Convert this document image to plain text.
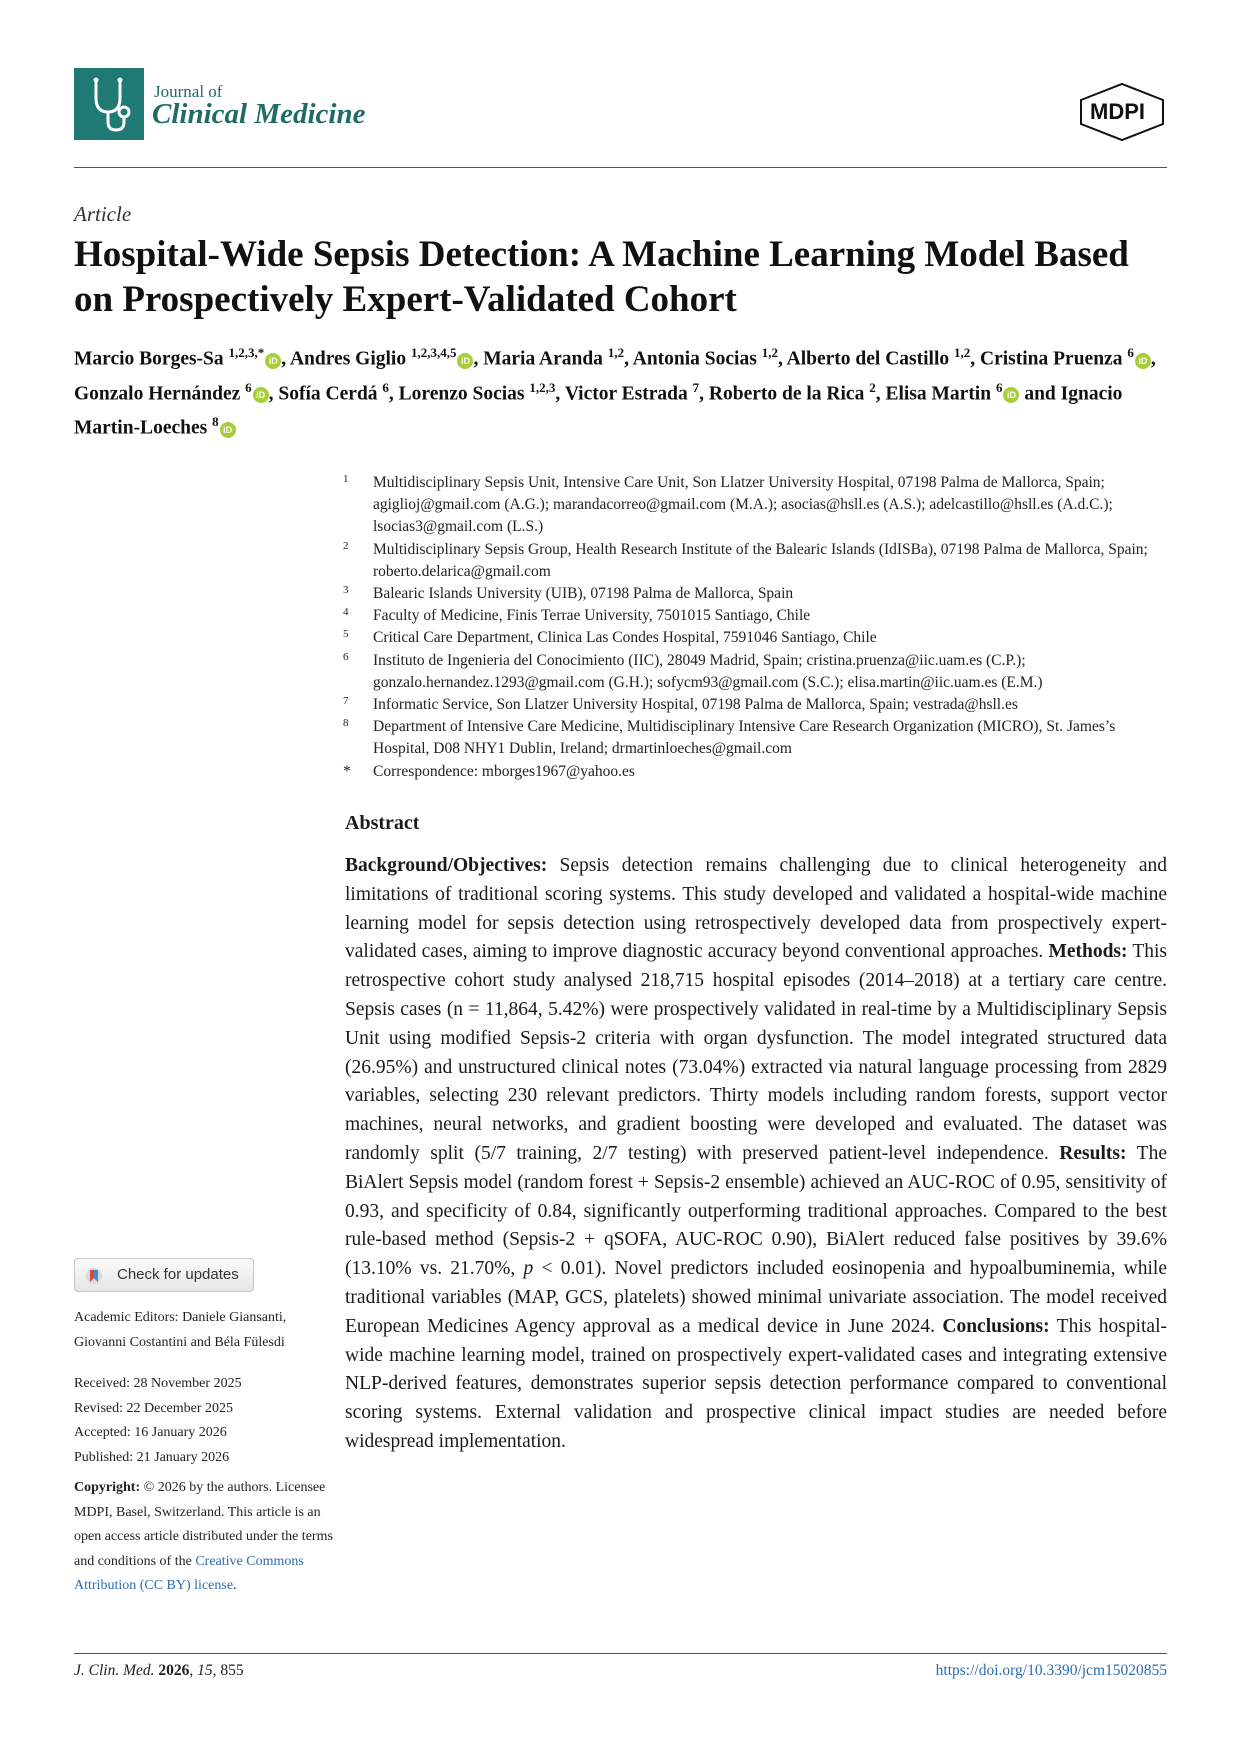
Journal of
Clinical Medicine	MDPI
Article
Hospital-Wide Sepsis Detection: A Machine Learning Model Based on Prospectively Expert-Validated Cohort
Marcio Borges-Sa $^{1,2,3,*}$iD , Andres Giglio $^{1,2,3,4,5}$iD , Maria Aranda $^{1,2}$, Antonia Socias $^{1,2}$, Alberto del Castillo $^{1,2}$, Cristina Pruenza $^6$iD , Gonzalo Hernández $^6$iD , Sofía Cerdá $^6$, Lorenzo Socias $^{1,2,3}$, Victor Estrada $^7$, Roberto de la Rica $^2$, Elisa Martin $^6$iD and Ignacio Martin-Loeches $^8$iD
1 Multidisciplinary Sepsis Unit, Intensive Care Unit, Son Llatzer University Hospital, 07198 Palma de Mallorca, Spain; agiglioj@gmail.com (A.G.); marandacorreo@gmail.com (M.A.); asocias@hsll.es (A.S.); adelcastillo@hsll.es (A.d.C.); lsocias3@gmail.com (L.S.)
2 Multidisciplinary Sepsis Group, Health Research Institute of the Balearic Islands (IdISBa), 07198 Palma de Mallorca, Spain; roberto.delarica@gmail.com
3 Balearic Islands University (UIB), 07198 Palma de Mallorca, Spain
4 Faculty of Medicine, Finis Terrae University, 7501015 Santiago, Chile
5 Critical Care Department, Clinica Las Condes Hospital, 7591046 Santiago, Chile
6 Instituto de Ingenieria del Conocimiento (IIC), 28049 Madrid, Spain; cristina.pruenza@iic.uam.es (C.P.); gonzalo.hernandez.1293@gmail.com (G.H.); sofycm93@gmail.com (S.C.); elisa.martin@iic.uam.es (E.M.)
7 Informatic Service, Son Llatzer University Hospital, 07198 Palma de Mallorca, Spain; vestrada@hsll.es
8 Department of Intensive Care Medicine, Multidisciplinary Intensive Care Research Organization (MICRO), St. James’s Hospital, D08 NHY1 Dublin, Ireland; drmartinloeches@gmail.com
* Correspondence: mborges1967@yahoo.es
Abstract
Background/Objectives: Sepsis detection remains challenging due to clinical heterogeneity and limitations of traditional scoring systems. This study developed and validated a hospital-wide machine learning model for sepsis detection using retrospectively developed data from prospectively expert-validated cases, aiming to improve diagnostic accuracy beyond conventional approaches. Methods: This retrospective cohort study analysed 218,715 hospital episodes (2014–2018) at a tertiary care centre. Sepsis cases (n = 11,864, 5.42%) were prospectively validated in real-time by a Multidisciplinary Sepsis Unit using modified Sepsis-2 criteria with organ dysfunction. The model integrated structured data (26.95%) and unstructured clinical notes (73.04%) extracted via natural language processing from 2829 variables, selecting 230 relevant predictors. Thirty models including random forests, support vector machines, neural networks, and gradient boosting were developed and evaluated. The dataset was randomly split (5/7 training, 2/7 testing) with preserved patient-level independence. Results: The BiAlert Sepsis model (random forest + Sepsis-2 ensemble) achieved an AUC-ROC of 0.95, sensitivity of 0.93, and specificity of 0.84, significantly outperforming traditional approaches. Compared to the best rule-based method (Sepsis-2 + qSOFA, AUC-ROC 0.90), BiAlert reduced false positives by 39.6% (13.10% vs. 21.70%, p < 0.01). Novel predictors included eosinopenia and hypoalbuminemia, while traditional variables (MAP, GCS, platelets) showed minimal univariate association. The model received European Medicines Agency approval as a medical device in June 2024. Conclusions: This hospital-wide machine learning model, trained on prospectively expert-validated cases and integrating extensive NLP-derived features, demonstrates superior sepsis detection performance compared to conventional scoring systems. External validation and prospective clinical impact studies are needed before widespread implementation.
Check for updates
Academic Editors: Daniele Giansanti, Giovanni Costantini and Béla Fülesdi
Received: 28 November 2025
Revised: 22 December 2025
Accepted: 16 January 2026
Published: 21 January 2026
Copyright: © 2026 by the authors. Licensee MDPI, Basel, Switzerland. This article is an open access article distributed under the terms and conditions of the Creative Commons Attribution (CC BY) license.
J. Clin. Med. 2026, 15, 855	https://doi.org/10.3390/jcm15020855
